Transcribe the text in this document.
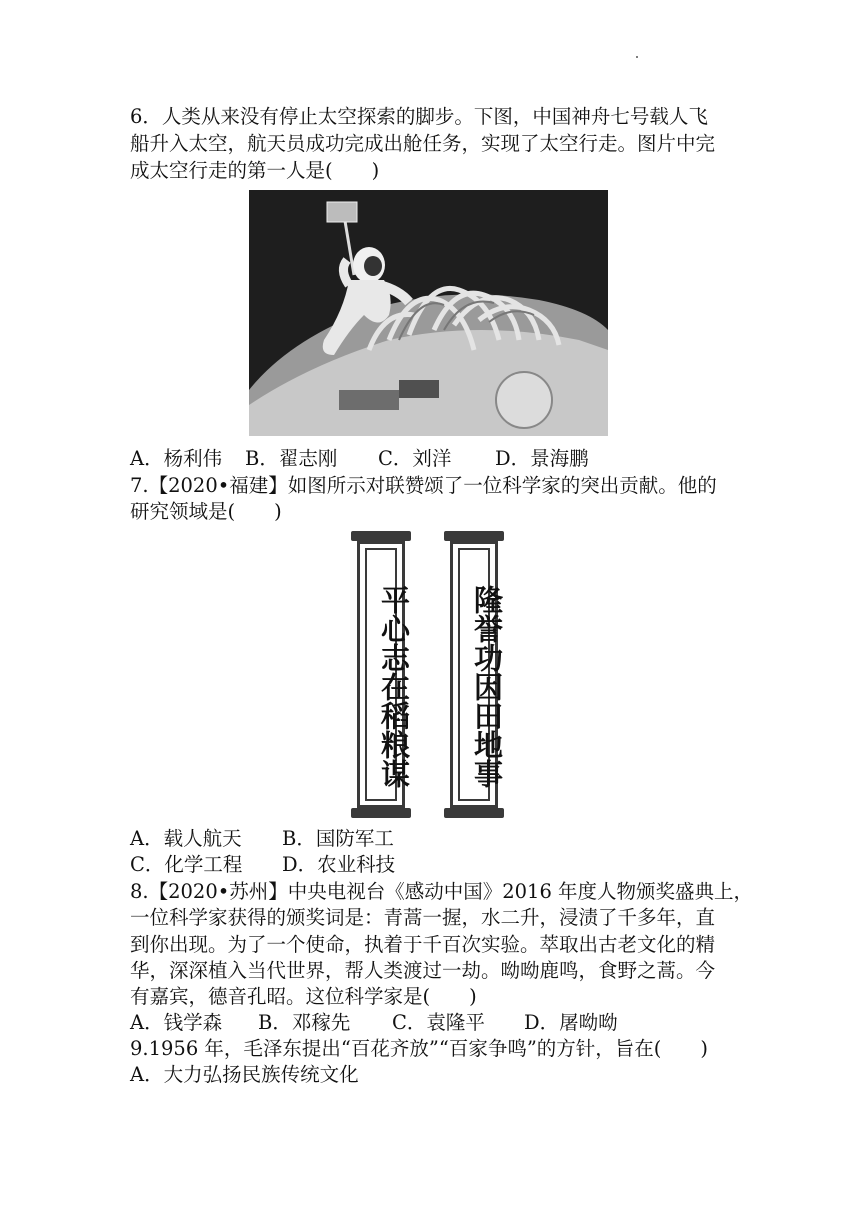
6．人类从来没有停止太空探索的脚步。下图，中国神舟七号载人飞
船升入太空，航天员成功完成出舱任务，实现了太空行走。图片中完
成太空行走的第一人是(　　)
A．杨利伟	B．翟志刚	C．刘洋	D．景海鹏
7.【2020•福建】如图所示对联赞颂了一位科学家的突出贡献。他的
研究领域是(　　)
平心志在稻粮谋	隆誉功因田地事
A．载人航天	B．国防军工
C．化学工程	D．农业科技
8.【2020•苏州】中央电视台《感动中国》2016 年度人物颁奖盛典上，
一位科学家获得的颁奖词是：青蒿一握，水二升，浸渍了千多年，直
到你出现。为了一个使命，执着于千百次实验。萃取出古老文化的精
华，深深植入当代世界，帮人类渡过一劫。呦呦鹿鸣，食野之蒿。今
有嘉宾，德音孔昭。这位科学家是(　　)
A．钱学森	B．邓稼先	C．袁隆平	D．屠呦呦
9.1956 年，毛泽东提出“百花齐放”“百家争鸣”的方针，旨在(　　)
A．大力弘扬民族传统文化
